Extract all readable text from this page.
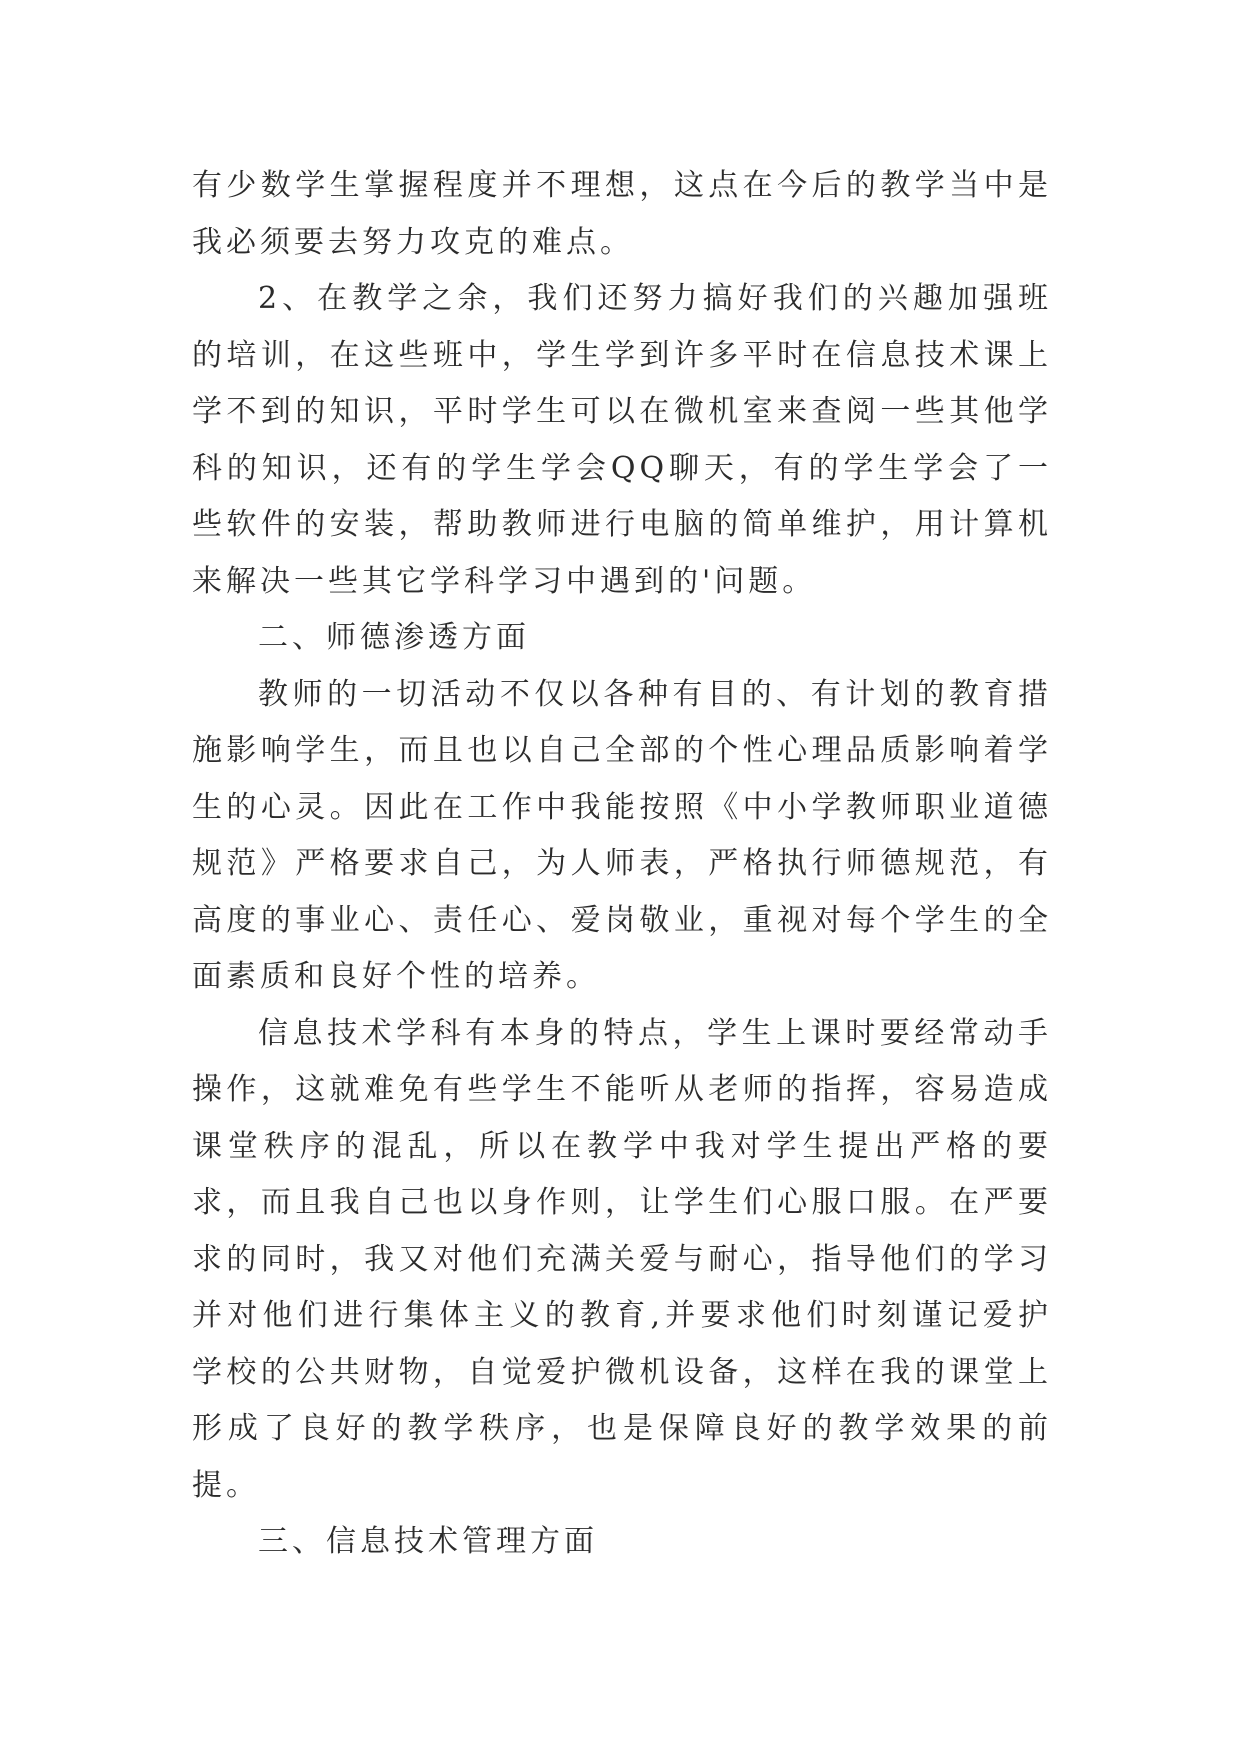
有少数学生掌握程度并不理想，这点在今后的教学当中是我必须要去努力攻克的难点。

2、在教学之余，我们还努力搞好我们的兴趣加强班的培训，在这些班中，学生学到许多平时在信息技术课上学不到的知识，平时学生可以在微机室来查阅一些其他学科的知识，还有的学生学会QQ聊天，有的学生学会了一些软件的安装，帮助教师进行电脑的简单维护，用计算机来解决一些其它学科学习中遇到的'问题。

二、师德渗透方面

教师的一切活动不仅以各种有目的、有计划的教育措施影响学生，而且也以自己全部的个性心理品质影响着学生的心灵。因此在工作中我能按照《中小学教师职业道德规范》严格要求自己，为人师表，严格执行师德规范，有高度的事业心、责任心、爱岗敬业，重视对每个学生的全面素质和良好个性的培养。

信息技术学科有本身的特点，学生上课时要经常动手操作，这就难免有些学生不能听从老师的指挥，容易造成课堂秩序的混乱，所以在教学中我对学生提出严格的要求，而且我自己也以身作则，让学生们心服口服。在严要求的同时，我又对他们充满关爱与耐心，指导他们的学习并对他们进行集体主义的教育,并要求他们时刻谨记爱护学校的公共财物，自觉爱护微机设备，这样在我的课堂上形成了良好的教学秩序，也是保障良好的教学效果的前提。

三、信息技术管理方面
